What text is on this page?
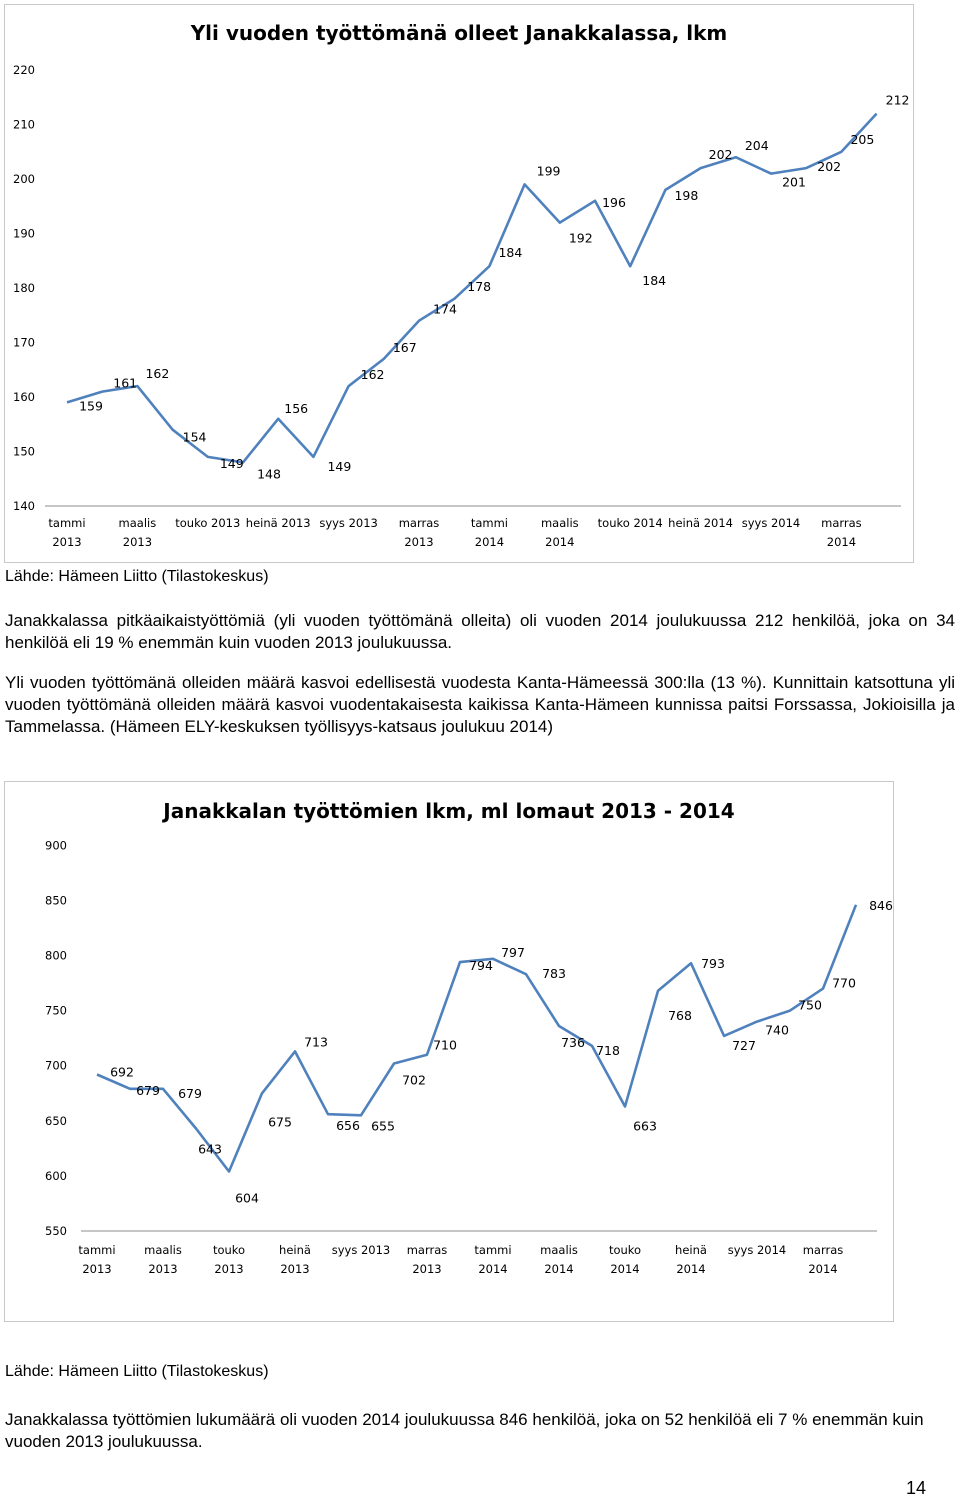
Yli vuoden työttömänä olleet Janakkalassa, lkm
140
150
160
170
180
190
200
210
220
tammi
2013
maalis
2013
touko 2013 heinä 2013 syys 2013 marras
2013
tammi
2014
maalis
2014
touko 2014 heinä 2014 syys 2014 marras
2014
159
161
162
154
149
148
156
149
162
167
174
178
184
199
192
196
184
198
202
204
201
202
205
212

Lähde: Hämeen Liitto (Tilastokeskus)

Janakkalassa pitkäaikaistyöttömiä (yli vuoden työttömänä olleita) oli vuoden 2014 joulukuussa 212 henkilöä, joka on 34 henkilöä eli 19 % enemmän kuin vuoden 2013 joulukuussa.

Yli vuoden työttömänä olleiden määrä kasvoi edellisestä vuodesta Kanta-Hämeessä 300:lla (13 %). Kunnittain katsottuna yli vuoden työttömänä olleiden määrä kasvoi vuodentakaisesta kaikissa Kanta-Hämeen kunnissa paitsi Forssassa, Jokioisilla ja Tammelassa. (Hämeen ELY-keskuksen työllisyys-katsaus joulukuu 2014)

Janakkalan työttömien lkm, ml lomaut 2013 - 2014
550
600
650
700
750
800
850
900
tammi
2013
maalis
2013
touko
2013
heinä
2013
syys 2013 marras
2013
tammi
2014
maalis
2014
touko
2014
heinä
2014
syys 2014 marras
2014
692
679 679
643
604
675
713
656 655
702
710
794
797
783
736
718
663
768
793
727
740
750
770
846

Lähde: Hämeen Liitto (Tilastokeskus)

Janakkalassa työttömien lukumäärä oli vuoden 2014 joulukuussa 846 henkilöä, joka on 52 henkilöä eli 7 % enemmän kuin vuoden 2013 joulukuussa.

14
